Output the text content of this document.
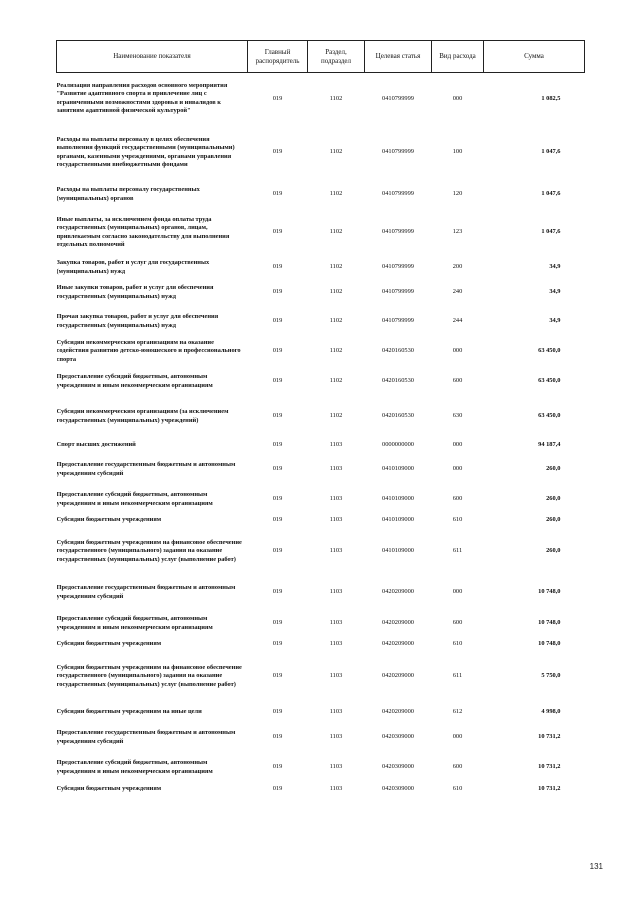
Наименование показателя	Главный распорядитель	Раздел, подраздел	Целевая статья	Вид расхода	Сумма
Реализация направления расходов основного мероприятия "Развитие адаптивного спорта и привлечение лиц с ограниченными возможностями здоровья и инвалидов к занятиям адаптивной физической культурой"	019	1102	0410799999	000	1 082,5
Расходы на выплаты персоналу в целях обеспечения выполнения функций государственными (муниципальными) органами, казенными учреждениями, органами управления государственными внебюджетными фондами	019	1102	0410799999	100	1 047,6
Расходы на выплаты персоналу государственных (муниципальных) органов	019	1102	0410799999	120	1 047,6
Иные выплаты, за исключением фонда оплаты труда государственных (муниципальных) органов, лицам, привлекаемым согласно законодательству для выполнения отдельных полномочий	019	1102	0410799999	123	1 047,6
Закупка товаров, работ и услуг для государственных (муниципальных) нужд	019	1102	0410799999	200	34,9
Иные закупки товаров, работ и услуг для обеспечения государственных (муниципальных) нужд	019	1102	0410799999	240	34,9
Прочая закупка товаров, работ и услуг для обеспечения государственных (муниципальных) нужд	019	1102	0410799999	244	34,9
Субсидии некоммерческим организациям на оказание содействия развитию детско-юношеского и профессионального спорта	019	1102	0420160530	000	63 450,0
Предоставление субсидий бюджетным, автономным учреждениям и иным некоммерческим организациям	019	1102	0420160530	600	63 450,0
Субсидии некоммерческим организациям (за исключением государственных (муниципальных) учреждений)	019	1102	0420160530	630	63 450,0
Спорт высших достижений	019	1103	0000000000	000	94 187,4
Предоставление государственным бюджетным и автономным учреждениям субсидий	019	1103	0410109000	000	260,0
Предоставление субсидий бюджетным, автономным учреждениям и иным некоммерческим организациям	019	1103	0410109000	600	260,0
Субсидии бюджетным учреждениям	019	1103	0410109000	610	260,0
Субсидии бюджетным учреждениям на финансовое обеспечение государственного (муниципального) задания на оказание государственных (муниципальных) услуг (выполнение работ)	019	1103	0410109000	611	260,0
Предоставление государственным бюджетным и автономным учреждениям субсидий	019	1103	0420209000	000	10 748,0
Предоставление субсидий бюджетным, автономным учреждениям и иным некоммерческим организациям	019	1103	0420209000	600	10 748,0
Субсидии бюджетным учреждениям	019	1103	0420209000	610	10 748,0
Субсидии бюджетным учреждениям на финансовое обеспечение государственного (муниципального) задания на оказание государственных (муниципальных) услуг (выполнение работ)	019	1103	0420209000	611	5 750,0
Субсидии бюджетным учреждениям на иные цели	019	1103	0420209000	612	4 998,0
Предоставление государственным бюджетным и автономным учреждениям субсидий	019	1103	0420309000	000	10 731,2
Предоставление субсидий бюджетным, автономным учреждениям и иным некоммерческим организациям	019	1103	0420309000	600	10 731,2
Субсидии бюджетным учреждениям	019	1103	0420309000	610	10 731,2
131
